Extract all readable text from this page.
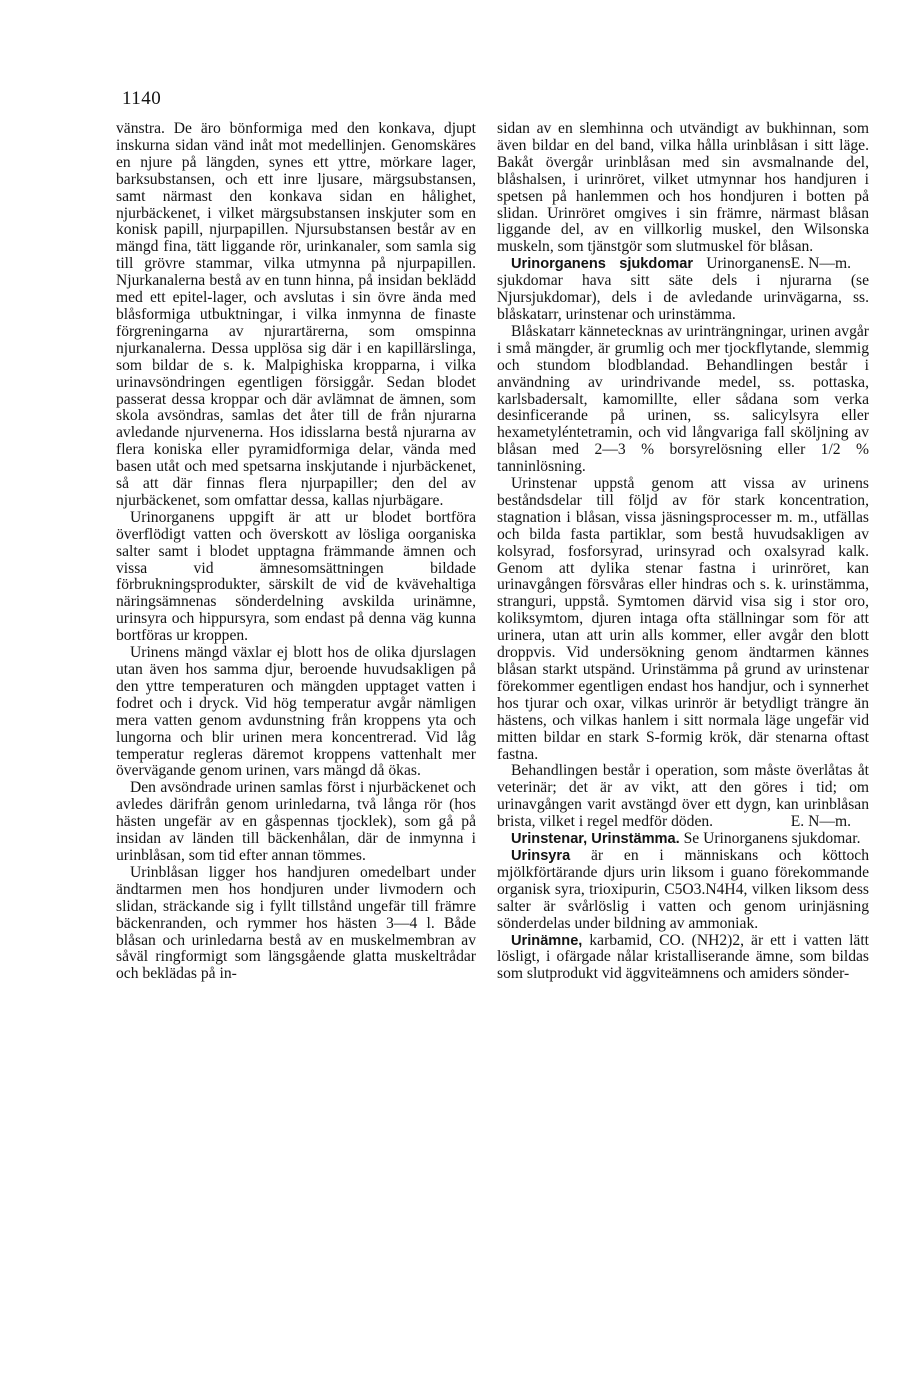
1140

vänstra. De äro bönformiga med den konkava, djupt inskurna sidan vänd inåt mot medellinjen. Genomskäres en njure på längden, synes ett yttre, mörkare lager, barksubstansen, och ett inre ljusare, märgsubstansen, samt närmast den konkava sidan en hålighet, njurbäckenet, i vilket märgsubstansen inskjuter som en konisk papill, njurpapillen. Njursubstansen består av en mängd fina, tätt liggande rör, urinkanaler, som samla sig till grövre stammar, vilka utmynna på njurpapillen. Njurkanalerna bestå av en tunn hinna, på insidan beklädd med ett epitel-lager, och avslutas i sin övre ända med blåsformiga utbuktningar, i vilka inmynna de finaste förgreningarna av njurartärerna, som omspinna njurkanalerna. Dessa upplösa sig där i en kapillärslinga, som bildar de s. k. Malpighiska kropparna, i vilka urinavsöndringen egentligen försiggår. Sedan blodet passerat dessa kroppar och där avlämnat de ämnen, som skola avsöndras, samlas det åter till de från njurarna avledande njurvenerna. Hos idisslarna bestå njurarna av flera koniska eller pyramidformiga delar, vända med basen utåt och med spetsarna inskjutande i njurbäckenet, så att där finnas flera njurpapiller; den del av njurbäckenet, som omfattar dessa, kallas njurbägare.

Urinorganens uppgift är att ur blodet bortföra överflödigt vatten och överskott av lösliga oorganiska salter samt i blodet upptagna främmande ämnen och vissa vid ämnesomsättningen bildade förbrukningsprodukter, särskilt de vid de kvävehaltiga näringsämnenas sönderdelning avskilda urinämne, urinsyra och hippursyra, som endast på denna väg kunna bortföras ur kroppen.

Urinens mängd växlar ej blott hos de olika djurslagen utan även hos samma djur, beroende huvudsakligen på den yttre temperaturen och mängden upptaget vatten i fodret och i dryck. Vid hög temperatur avgår nämligen mera vatten genom avdunstning från kroppens yta och lungorna och blir urinen mera koncentrerad. Vid låg temperatur regleras däremot kroppens vattenhalt mer övervägande genom urinen, vars mängd då ökas.

Den avsöndrade urinen samlas först i njurbäckenet och avledes därifrån genom urinledarna, två långa rör (hos hästen ungefär av en gåspennas tjocklek), som gå på insidan av länden till bäckenhålan, där de inmynna i urinblåsan, som tid efter annan tömmes.

Urinblåsan ligger hos handjuren omedelbart under ändtarmen men hos hondjuren under livmodern och slidan, sträckande sig i fyllt tillstånd ungefär till främre bäckenranden, och rymmer hos hästen 3—4 l. Både blåsan och urinledarna bestå av en muskelmembran av såväl ringformigt som längsgående glatta muskeltrådar och beklädas på in-

sidan av en slemhinna och utvändigt av bukhinnan, som även bildar en del band, vilka hålla urinblåsan i sitt läge. Bakåt övergår urinblåsan med sin avsmalnande del, blåshalsen, i urinröret, vilket utmynnar hos handjuren i spetsen på hanlemmen och hos hondjuren i botten på slidan. Urinröret omgives i sin främre, närmast blåsan liggande del, av en villkorlig muskel, den Wilsonska muskeln, som tjänstgör som slutmuskel för blåsan.
E. N—m.

Urinorganens sjukdomar Urinorganens sjukdomar hava sitt säte dels i njurarna (se Njursjukdomar), dels i de avledande urinvägarna, ss. blåskatarr, urinstenar och urinstämma.

Blåskatarr kännetecknas av urinträngningar, urinen avgår i små mängder, är grumlig och mer tjockflytande, slemmig och stundom blodblandad. Behandlingen består i användning av urindrivande medel, ss. pottaska, karlsbadersalt, kamomillte, eller sådana som verka desinficerande på urinen, ss. salicylsyra eller hexametyléntetramin, och vid långvariga fall sköljning av blåsan med 2—3 % borsyrelösning eller 1/2 % tanninlösning.

Urinstenar uppstå genom att vissa av urinens beståndsdelar till följd av för stark koncentration, stagnation i blåsan, vissa jäsningsprocesser m. m., utfällas och bilda fasta partiklar, som bestå huvudsakligen av kolsyrad, fosforsyrad, urinsyrad och oxalsyrad kalk. Genom att dylika stenar fastna i urinröret, kan urinavgången försvåras eller hindras och s. k. urinstämma, stranguri, uppstå. Symtomen därvid visa sig i stor oro, koliksymtom, djuren intaga ofta ställningar som för att urinera, utan att urin alls kommer, eller avgår den blott droppvis. Vid undersökning genom ändtarmen kännes blåsan starkt utspänd. Urinstämma på grund av urinstenar förekommer egentligen endast hos handjur, och i synnerhet hos tjurar och oxar, vilkas urinrör är betydligt trängre än hästens, och vilkas hanlem i sitt normala läge ungefär vid mitten bildar en stark S-formig krök, där stenarna oftast fastna.

Behandlingen består i operation, som måste överlåtas åt veterinär; det är av vikt, att den göres i tid; om urinavgången varit avstängd över ett dygn, kan urinblåsan brista, vilket i regel medför döden.	E. N—m.

Urinstenar, Urinstämma. Se Urinorganens sjukdomar.

Urinsyra är en i människans och köttoch mjölkförtärande djurs urin liksom i guano förekommande organisk syra, trioxipurin, C5O3.N4H4, vilken liksom dess salter är svårlöslig i vatten och genom urinjäsning sönderdelas under bildning av ammoniak.

Urinämne, karbamid, CO. (NH2)2, är ett i vatten lätt lösligt, i ofärgade nålar kristalliserande ämne, som bildas som slutprodukt vid äggviteämnens och amiders sönder-
